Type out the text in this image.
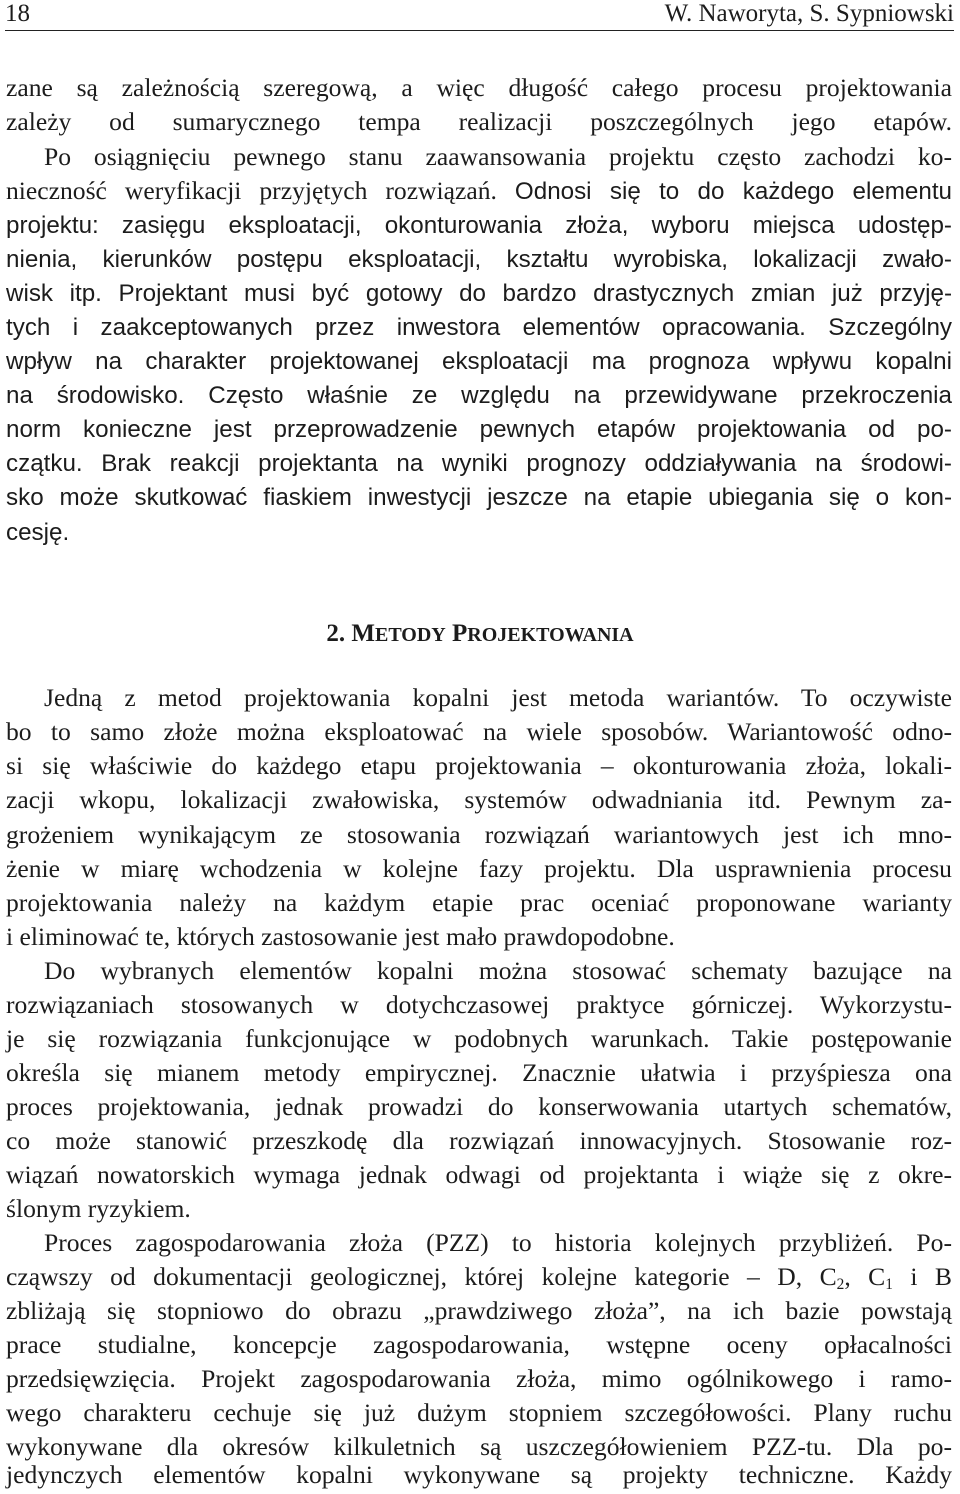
18	W. Naworyta, S. Sypniowski
zane są zależnością szeregową, a więc długość całego procesu projektowania
zależy od sumarycznego tempa realizacji poszczególnych jego etapów.
Po osiągnięciu pewnego stanu zaawansowania projektu często zachodzi ko-
nieczność weryfikacji przyjętych rozwiązań. Odnosi się to do każdego elementu
projektu: zasięgu eksploatacji, okonturowania złoża, wyboru miejsca udostęp-
nienia, kierunków postępu eksploatacji, kształtu wyrobiska, lokalizacji zwało-
wisk itp. Projektant musi być gotowy do bardzo drastycznych zmian już przyję-
tych i zaakceptowanych przez inwestora elementów opracowania. Szczególny
wpływ na charakter projektowanej eksploatacji ma prognoza wpływu kopalni
na środowisko. Często właśnie ze względu na przewidywane przekroczenia
norm konieczne jest przeprowadzenie pewnych etapów projektowania od po-
czątku. Brak reakcji projektanta na wyniki prognozy oddziaływania na środowi-
sko może skutkować fiaskiem inwestycji jeszcze na etapie ubiegania się o kon-
cesję.
2. METODY PROJEKTOWANIA
Jedną z metod projektowania kopalni jest metoda wariantów. To oczywiste
bo to samo złoże można eksploatować na wiele sposobów. Wariantowość odno-
si się właściwie do każdego etapu projektowania – okonturowania złoża, lokali-
zacji wkopu, lokalizacji zwałowiska, systemów odwadniania itd. Pewnym za-
grożeniem wynikającym ze stosowania rozwiązań wariantowych jest ich mno-
żenie w miarę wchodzenia w kolejne fazy projektu. Dla usprawnienia procesu
projektowania należy na każdym etapie prac oceniać proponowane warianty
i eliminować te, których zastosowanie jest mało prawdopodobne.
Do wybranych elementów kopalni można stosować schematy bazujące na
rozwiązaniach stosowanych w dotychczasowej praktyce górniczej. Wykorzystu-
je się rozwiązania funkcjonujące w podobnych warunkach. Takie postępowanie
określa się mianem metody empirycznej. Znacznie ułatwia i przyśpiesza ona
proces projektowania, jednak prowadzi do konserwowania utartych schematów,
co może stanowić przeszkodę dla rozwiązań innowacyjnych. Stosowanie roz-
wiązań nowatorskich wymaga jednak odwagi od projektanta i wiąże się z okre-
ślonym ryzykiem.
Proces zagospodarowania złoża (PZZ) to historia kolejnych przybliżeń. Po-
cząwszy od dokumentacji geologicznej, której kolejne kategorie – D, $C_2$, $C_1$ i B
zbliżają się stopniowo do obrazu „prawdziwego złoża”, na ich bazie powstają
prace studialne, koncepcje zagospodarowania, wstępne oceny opłacalności
przedsięwzięcia. Projekt zagospodarowania złoża, mimo ogólnikowego i ramo-
wego charakteru cechuje się już dużym stopniem szczegółowości. Plany ruchu
wykonywane dla okresów kilkuletnich są uszczegółowieniem PZZ-tu. Dla po-
jedynczych elementów kopalni wykonywane są projekty techniczne. Każdy
